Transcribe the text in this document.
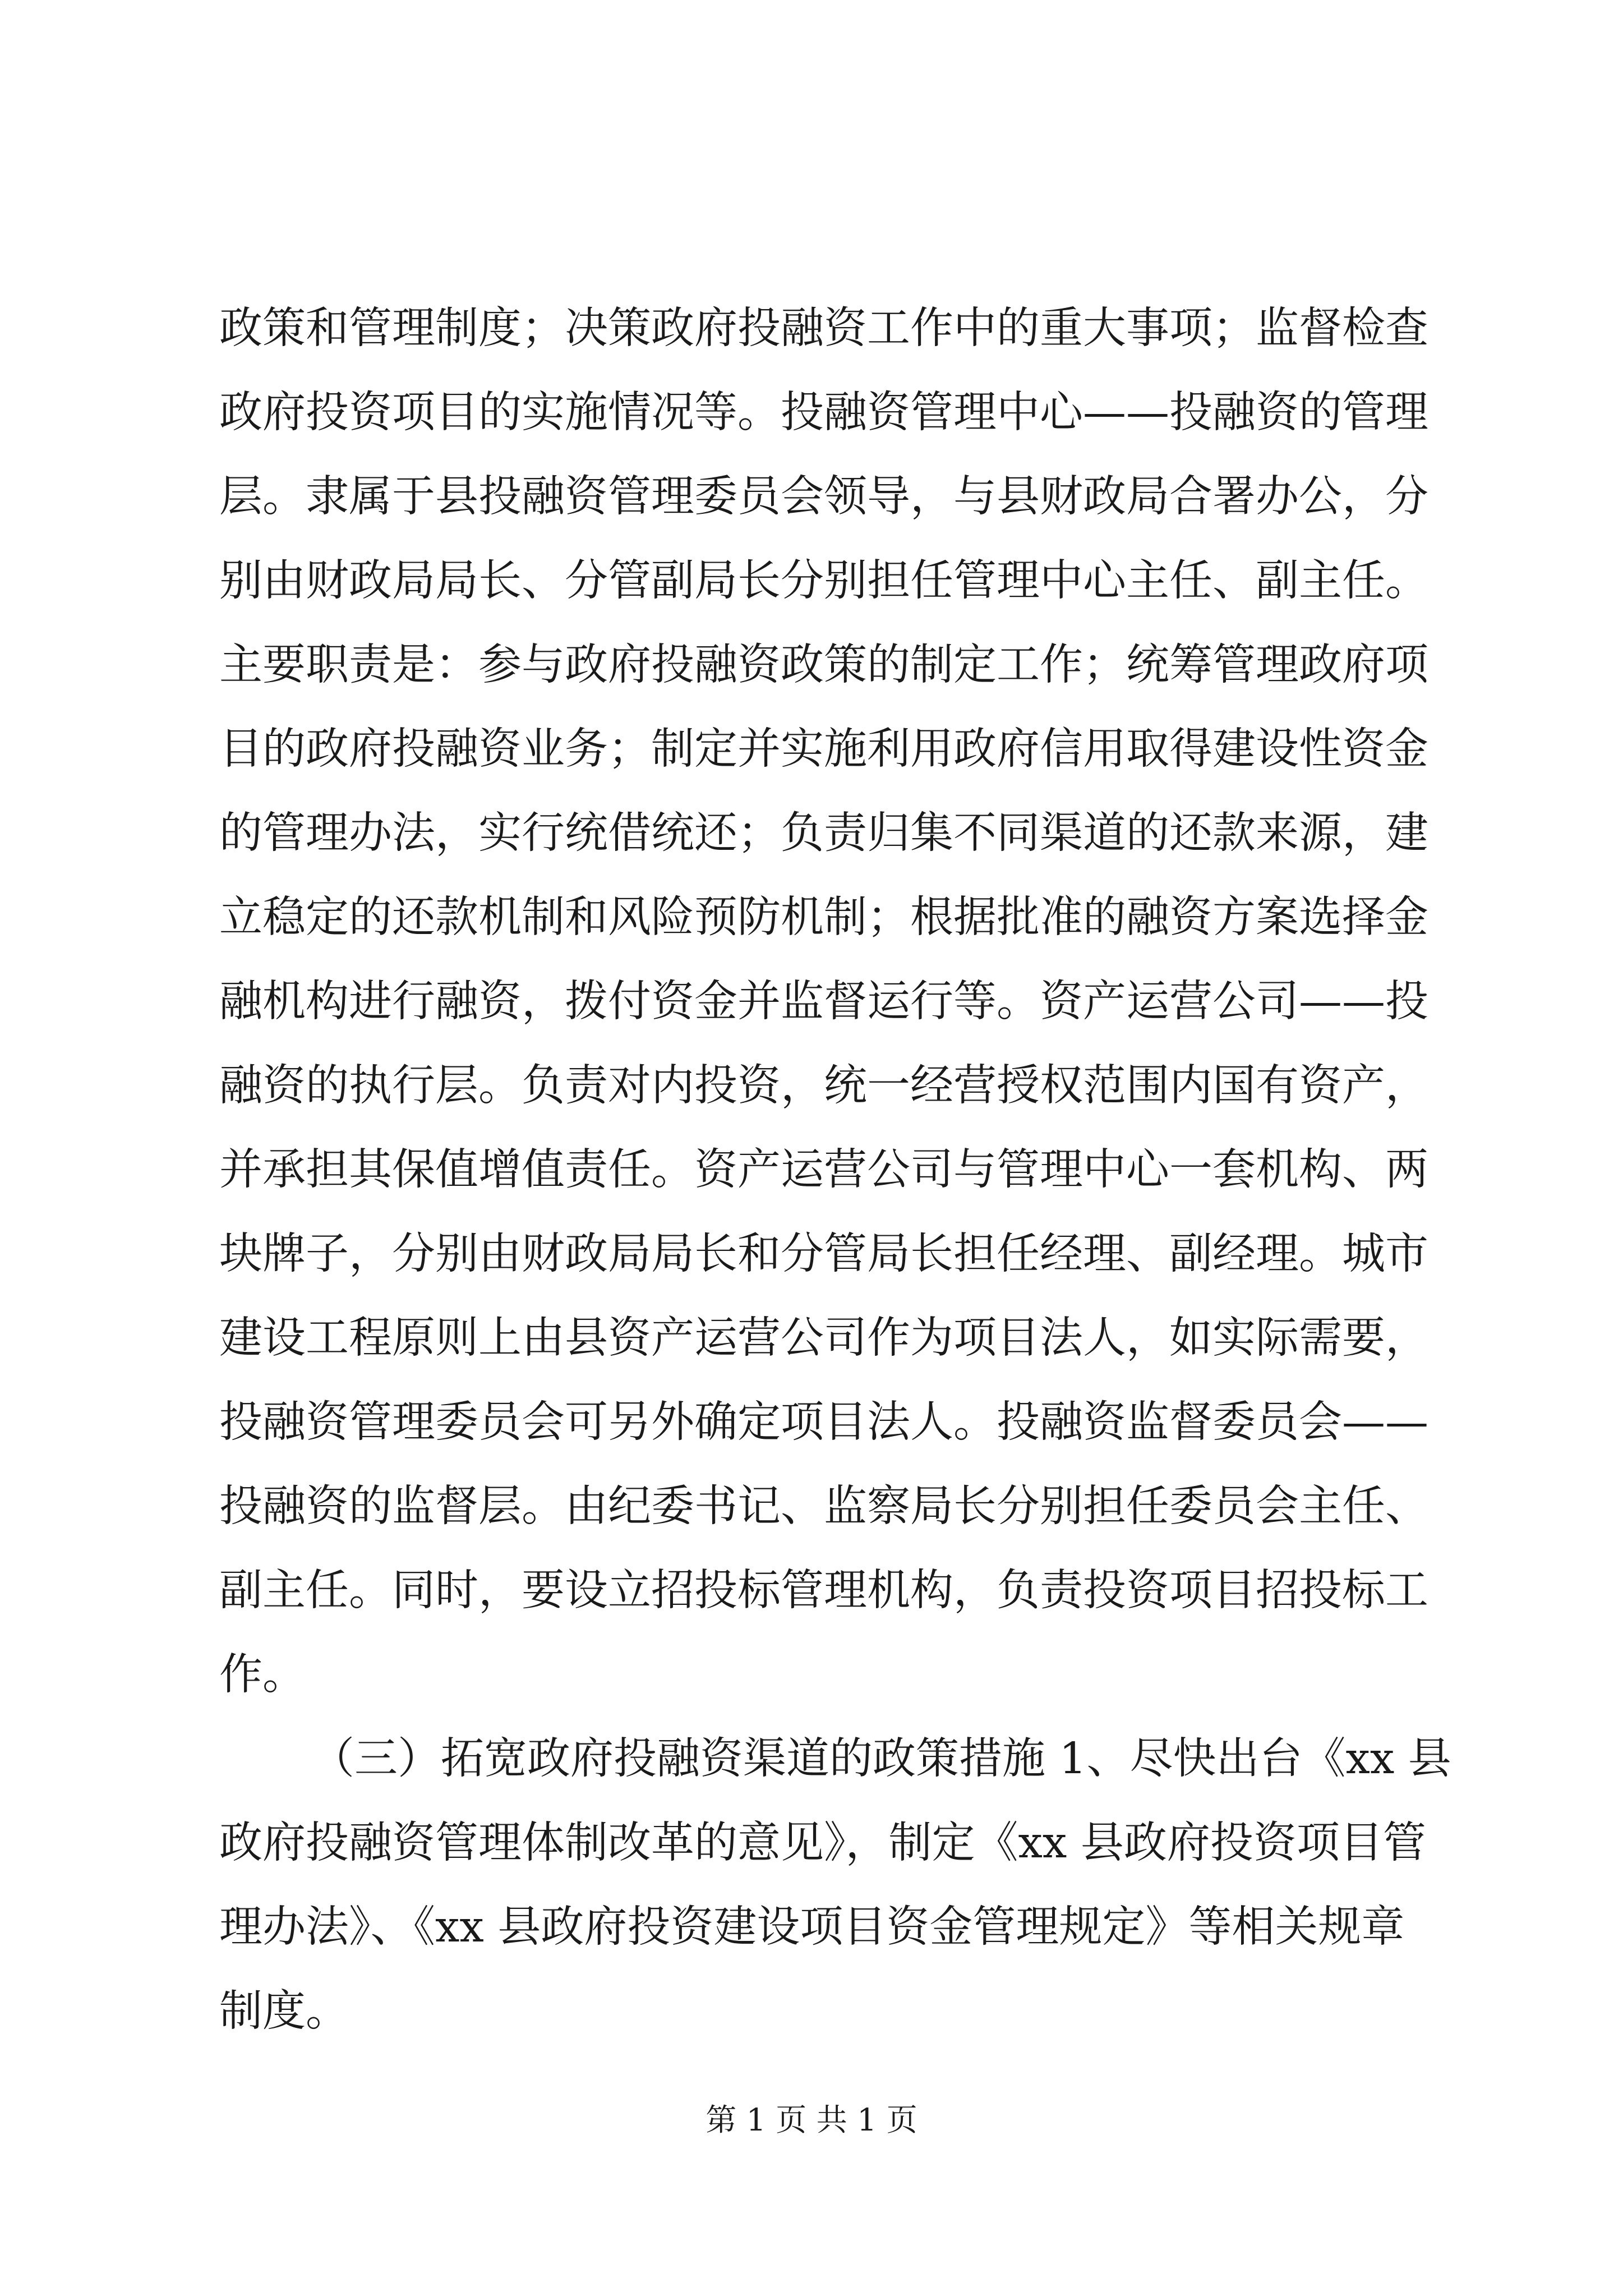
政策和管理制度；决策政府投融资工作中的重大事项；监督检查
政府投资项目的实施情况等。投融资管理中心——投融资的管理
层。隶属于县投融资管理委员会领导，与县财政局合署办公，分
别由财政局局长、分管副局长分别担任管理中心主任、副主任。
主要职责是：参与政府投融资政策的制定工作；统筹管理政府项
目的政府投融资业务；制定并实施利用政府信用取得建设性资金
的管理办法，实行统借统还；负责归集不同渠道的还款来源，建
立稳定的还款机制和风险预防机制；根据批准的融资方案选择金
融机构进行融资，拨付资金并监督运行等。资产运营公司——投
融资的执行层。负责对内投资，统一经营授权范围内国有资产，
并承担其保值增值责任。资产运营公司与管理中心一套机构、两
块牌子，分别由财政局局长和分管局长担任经理、副经理。城市
建设工程原则上由县资产运营公司作为项目法人，如实际需要，
投融资管理委员会可另外确定项目法人。投融资监督委员会——
投融资的监督层。由纪委书记、监察局长分别担任委员会主任、
副主任。同时，要设立招投标管理机构，负责投资项目招投标工
作。
（三）拓宽政府投融资渠道的政策措施 1、尽快出台《xx 县
政府投融资管理体制改革的意见》，制定《xx 县政府投资项目管
理办法》、《xx 县政府投资建设项目资金管理规定》等相关规章
制度。
第 1 页 共 1 页
